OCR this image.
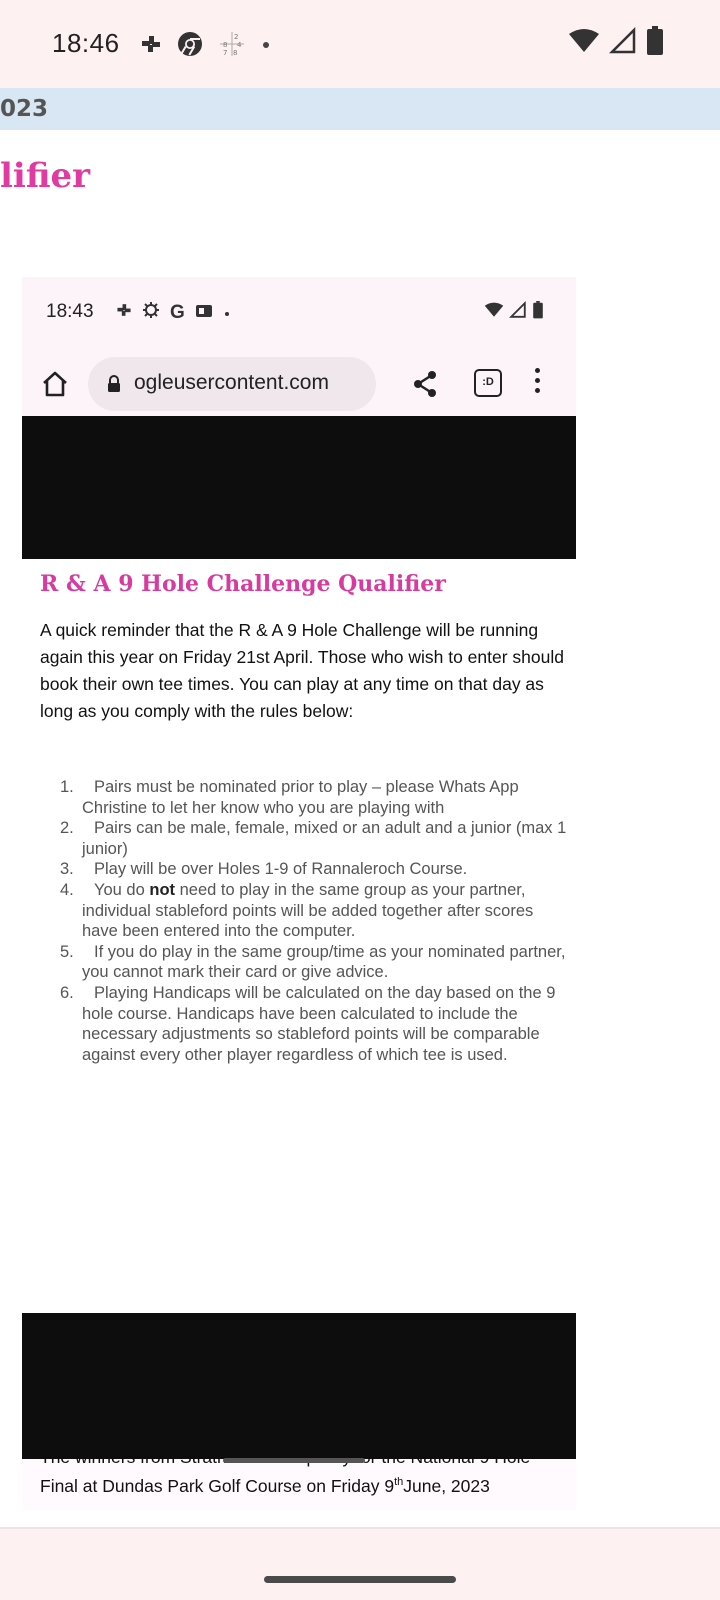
18:46	2
8 4
7 8
023
lifier
18:43	G
ogleusercontent.com	:D
R & A 9 Hole Challenge Qualifier

A quick reminder that the R & A 9 Hole Challenge will be running again this year on Friday 21st April. Those who wish to enter should book their own tee times. You can play at any time on that day as long as you comply with the rules below:

1.	Pairs must be nominated prior to play – please Whats App Christine to let her know who you are playing with
2.	Pairs can be male, female, mixed or an adult and a junior (max 1 junior)
3.	Play will be over Holes 1-9 of Rannaleroch Course.
4.	You do not need to play in the same group as your partner, individual stableford points will be added together after scores have been entered into the computer.
5.	If you do play in the same group/time as your nominated partner, you cannot mark their card or give advice.
6.	Playing Handicaps will be calculated on the day based on the 9 hole course. Handicaps have been calculated to include the necessary adjustments so stableford points will be comparable against every other player regardless of which tee is used.

Final at Dundas Park Golf Course on Friday 9thJune, 2023
